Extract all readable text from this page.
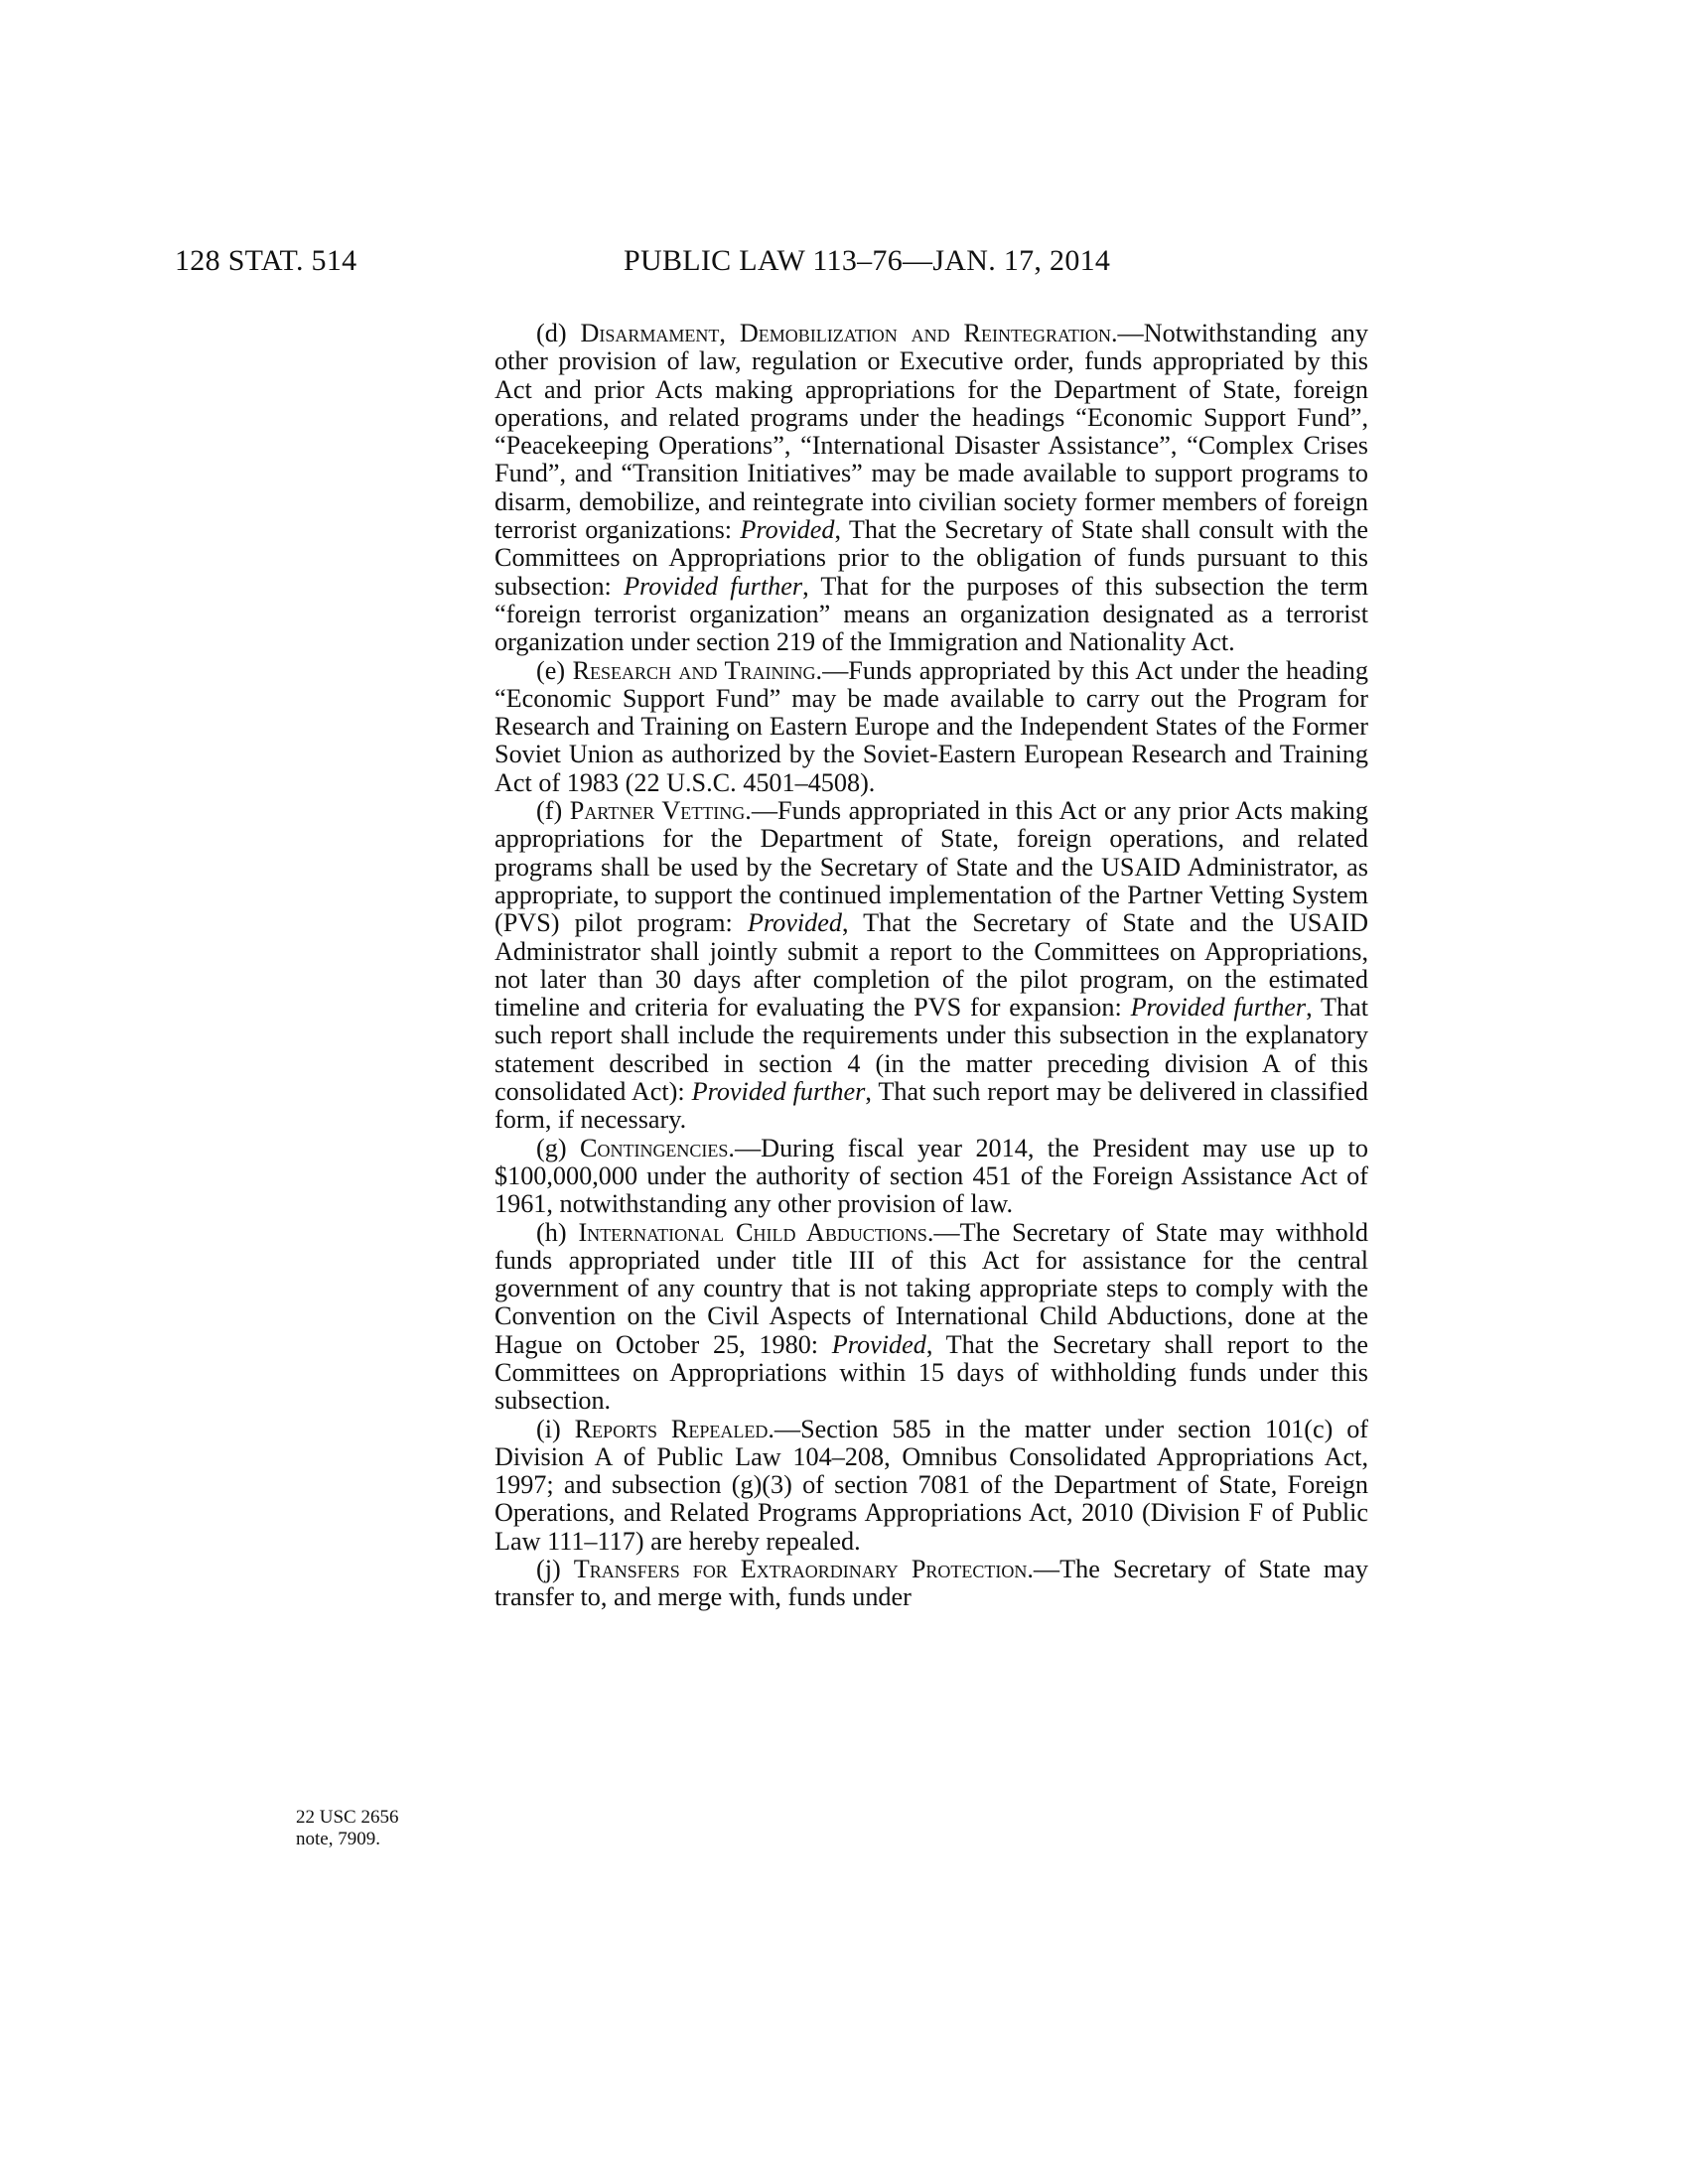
128 STAT. 514	PUBLIC LAW 113–76—JAN. 17, 2014

(d) Disarmament, Demobilization and Reintegration.—Notwithstanding any other provision of law, regulation or Executive order, funds appropriated by this Act and prior Acts making appropriations for the Department of State, foreign operations, and related programs under the headings “Economic Support Fund”, “Peacekeeping Operations”, “International Disaster Assistance”, “Complex Crises Fund”, and “Transition Initiatives” may be made available to support programs to disarm, demobilize, and reintegrate into civilian society former members of foreign terrorist organizations: Provided, That the Secretary of State shall consult with the Committees on Appropriations prior to the obligation of funds pursuant to this subsection: Provided further, That for the purposes of this subsection the term “foreign terrorist organization” means an organization designated as a terrorist organization under section 219 of the Immigration and Nationality Act.

(e) Research and Training.—Funds appropriated by this Act under the heading “Economic Support Fund” may be made available to carry out the Program for Research and Training on Eastern Europe and the Independent States of the Former Soviet Union as authorized by the Soviet-Eastern European Research and Training Act of 1983 (22 U.S.C. 4501–4508).

(f) Partner Vetting.—Funds appropriated in this Act or any prior Acts making appropriations for the Department of State, foreign operations, and related programs shall be used by the Secretary of State and the USAID Administrator, as appropriate, to support the continued implementation of the Partner Vetting System (PVS) pilot program: Provided, That the Secretary of State and the USAID Administrator shall jointly submit a report to the Committees on Appropriations, not later than 30 days after completion of the pilot program, on the estimated timeline and criteria for evaluating the PVS for expansion: Provided further, That such report shall include the requirements under this subsection in the explanatory statement described in section 4 (in the matter preceding division A of this consolidated Act): Provided further, That such report may be delivered in classified form, if necessary.

(g) Contingencies.—During fiscal year 2014, the President may use up to $100,000,000 under the authority of section 451 of the Foreign Assistance Act of 1961, notwithstanding any other provision of law.

(h) International Child Abductions.—The Secretary of State may withhold funds appropriated under title III of this Act for assistance for the central government of any country that is not taking appropriate steps to comply with the Convention on the Civil Aspects of International Child Abductions, done at the Hague on October 25, 1980: Provided, That the Secretary shall report to the Committees on Appropriations within 15 days of withholding funds under this subsection.

(i) Reports Repealed.—Section 585 in the matter under section 101(c) of Division A of Public Law 104–208, Omnibus Consolidated Appropriations Act, 1997; and subsection (g)(3) of section 7081 of the Department of State, Foreign Operations, and Related Programs Appropriations Act, 2010 (Division F of Public Law 111–117) are hereby repealed.

(j) Transfers for Extraordinary Protection.—The Secretary of State may transfer to, and merge with, funds under

22 USC 2656
note, 7909.
